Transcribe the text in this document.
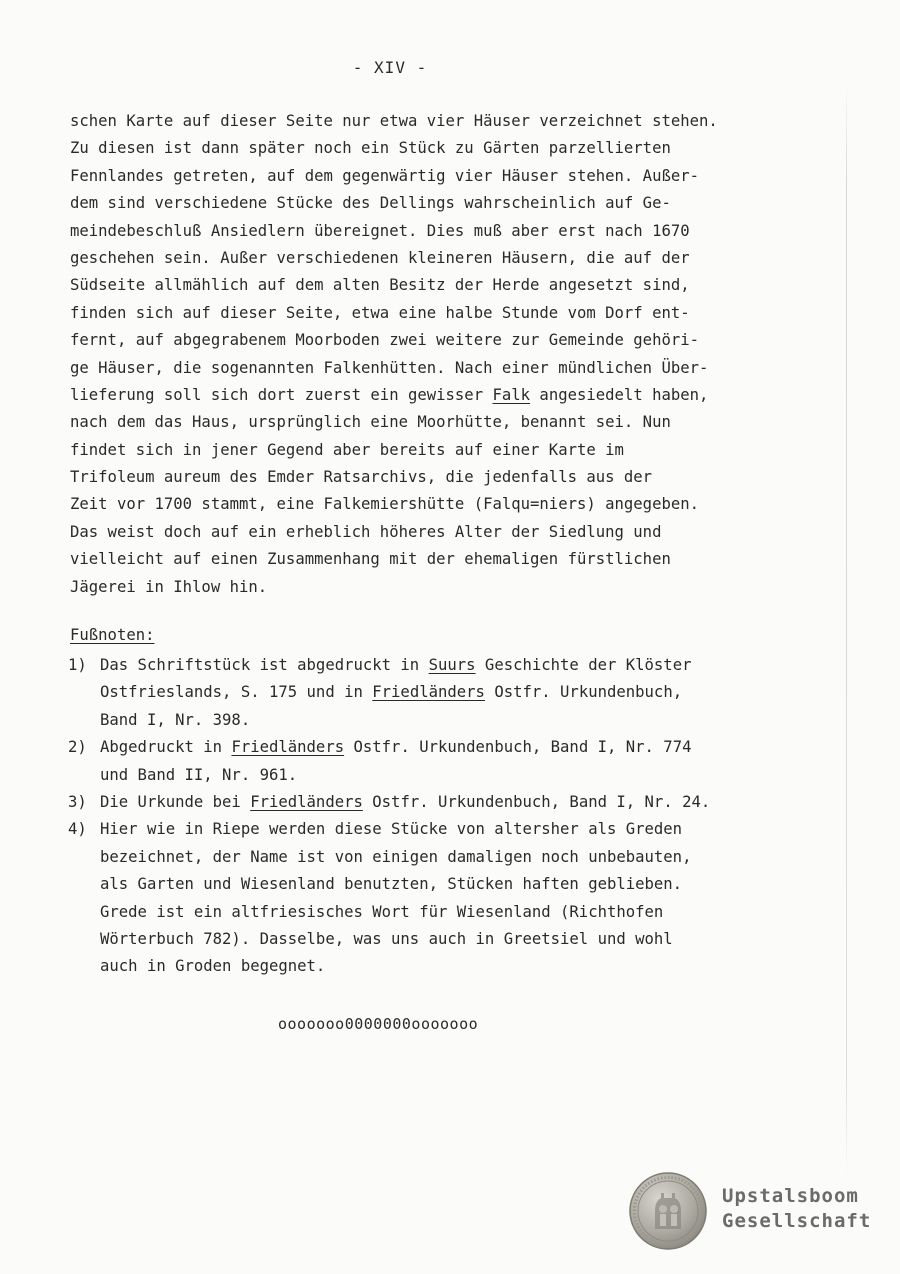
- XIV -
schen Karte auf dieser Seite nur etwa vier Häuser verzeichnet stehen.
Zu diesen ist dann später noch ein Stück zu Gärten parzellierten
Fennlandes getreten, auf dem gegenwärtig vier Häuser stehen. Außer-
dem sind verschiedene Stücke des Dellings wahrscheinlich auf Ge-
meindebeschluß Ansiedlern übereignet. Dies muß aber erst nach 1670
geschehen sein. Außer verschiedenen kleineren Häusern, die auf der
Südseite allmählich auf dem alten Besitz der Herde angesetzt sind,
finden sich auf dieser Seite, etwa eine halbe Stunde vom Dorf ent-
fernt, auf abgegrabenem Moorboden zwei weitere zur Gemeinde gehöri-
ge Häuser, die sogenannten Falkenhütten. Nach einer mündlichen Über-
lieferung soll sich dort zuerst ein gewisser Falk angesiedelt haben,
nach dem das Haus, ursprünglich eine Moorhütte, benannt sei. Nun
findet sich in jener Gegend aber bereits auf einer Karte im
Trifoleum aureum des Emder Ratsarchivs, die jedenfalls aus der
Zeit vor 1700 stammt, eine Falkemiershütte (Falqu=niers) angegeben.
Das weist doch auf ein erheblich höheres Alter der Siedlung und
vielleicht auf einen Zusammenhang mit der ehemaligen fürstlichen
Jägerei in Ihlow hin.
Fußnoten:
1) Das Schriftstück ist abgedruckt in Suurs Geschichte der Klöster
Ostfrieslands, S. 175 und in Friedländers Ostfr. Urkundenbuch,
Band I, Nr. 398.
2) Abgedruckt in Friedländers Ostfr. Urkundenbuch, Band I, Nr. 774
und Band II, Nr. 961.
3) Die Urkunde bei Friedländers Ostfr. Urkundenbuch, Band I, Nr. 24.
4) Hier wie in Riepe werden diese Stücke von altersher als Greden
bezeichnet, der Name ist von einigen damaligen noch unbebauten,
als Garten und Wiesenland benutzten, Stücken haften geblieben.
Grede ist ein altfriesisches Wort für Wiesenland (Richthofen
Wörterbuch 782). Dasselbe, was uns auch in Greetsiel und wohl
auch in Groden begegnet.
ooooooo0000000ooooooo
Upstalsboom
Gesellschaft
